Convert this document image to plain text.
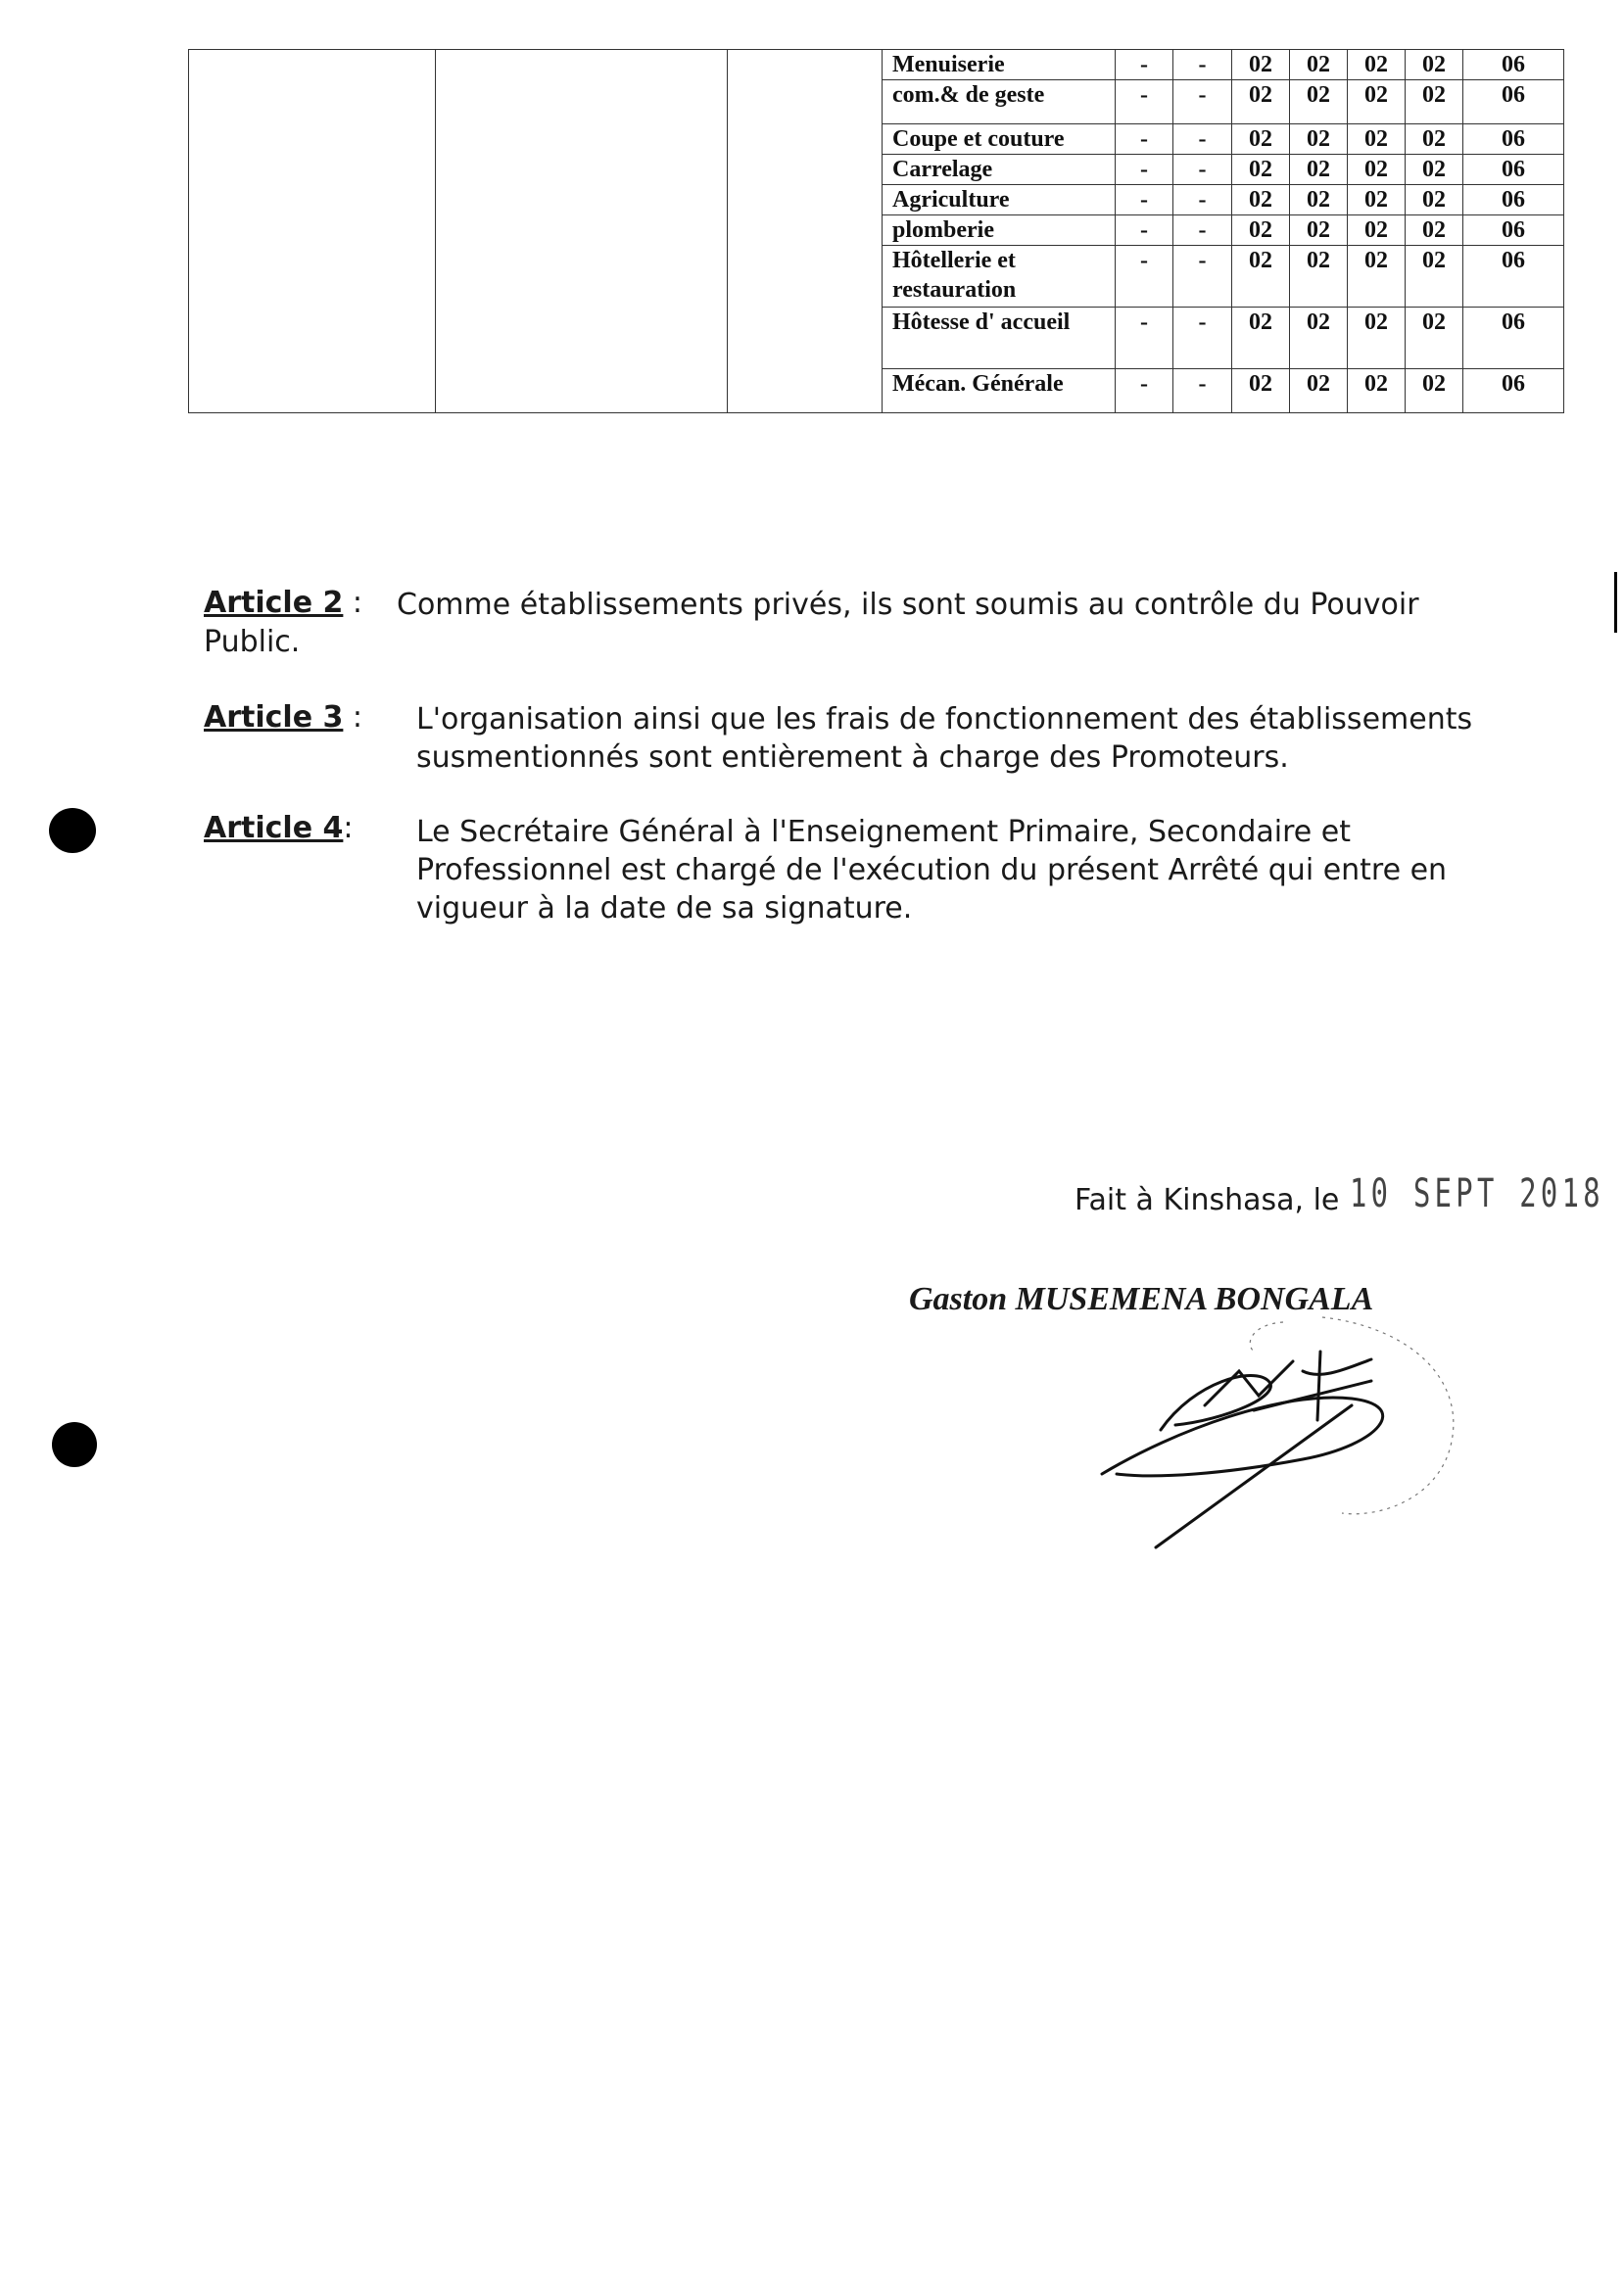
			Menuiserie	-	-	02	02	02	02	06
			com.& de geste	-	-	02	02	02	02	06
			Coupe et couture	-	-	02	02	02	02	06
			Carrelage	-	-	02	02	02	02	06
			Agriculture	-	-	02	02	02	02	06
			plomberie	-	-	02	02	02	02	06
			Hôtellerie et restauration	-	-	02	02	02	02	06
			Hôtesse d' accueil	-	-	02	02	02	02	06
			Mécan. Générale	-	-	02	02	02	02	06
Article 2 : Comme établissements privés, ils sont soumis au contrôle du Pouvoir
Public.
Article 3 : L'organisation ainsi que les frais de fonctionnement des établissements
susmentionnés sont entièrement à charge des Promoteurs.
Article 4: Le Secrétaire Général à l'Enseignement Primaire, Secondaire et
Professionnel est chargé de l'exécution du présent Arrêté qui entre en
vigueur à la date de sa signature.
Fait à Kinshasa, le 10 SEPT 2018
Gaston MUSEMENA BONGALA
